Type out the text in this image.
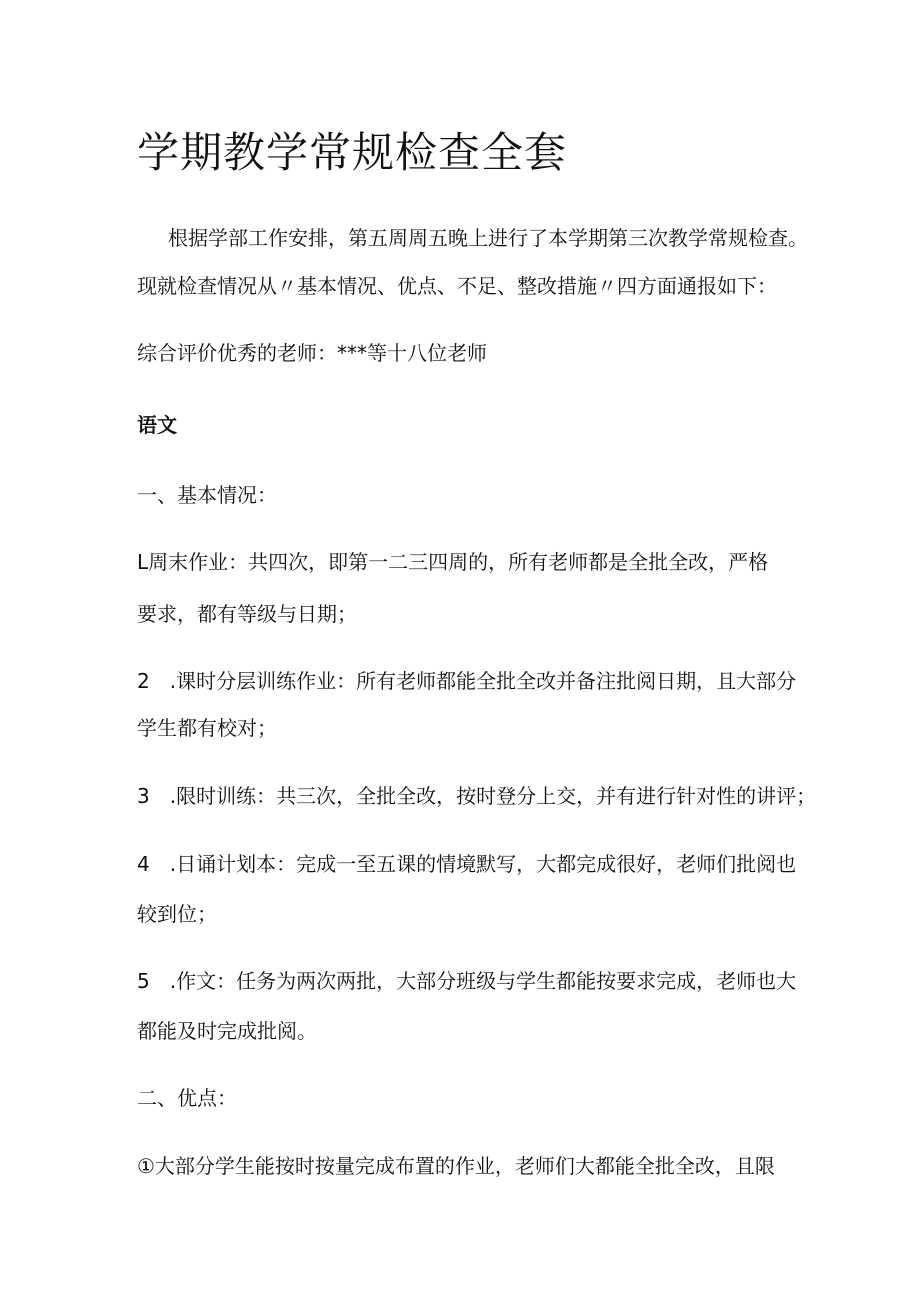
学期教学常规检查全套
根据学部工作安排，第五周周五晚上进行了本学期第三次教学常规检查。
现就检查情况从〃基本情况、优点、不足、整改措施〃四方面通报如下：
综合评价优秀的老师：***等十八位老师
语文
一、基本情况：
L周末作业：共四次，即第一二三四周的，所有老师都是全批全改，严格
要求，都有等级与日期；
2　.课时分层训练作业：所有老师都能全批全改并备注批阅日期，且大部分
学生都有校对；
3　.限时训练：共三次，全批全改，按时登分上交，并有进行针对性的讲评；
4　.日诵计划本：完成一至五课的情境默写，大都完成很好，老师们批阅也
较到位；
5　.作文：任务为两次两批，大部分班级与学生都能按要求完成，老师也大
都能及时完成批阅。
二、优点：
①大部分学生能按时按量完成布置的作业，老师们大都能全批全改，且限
